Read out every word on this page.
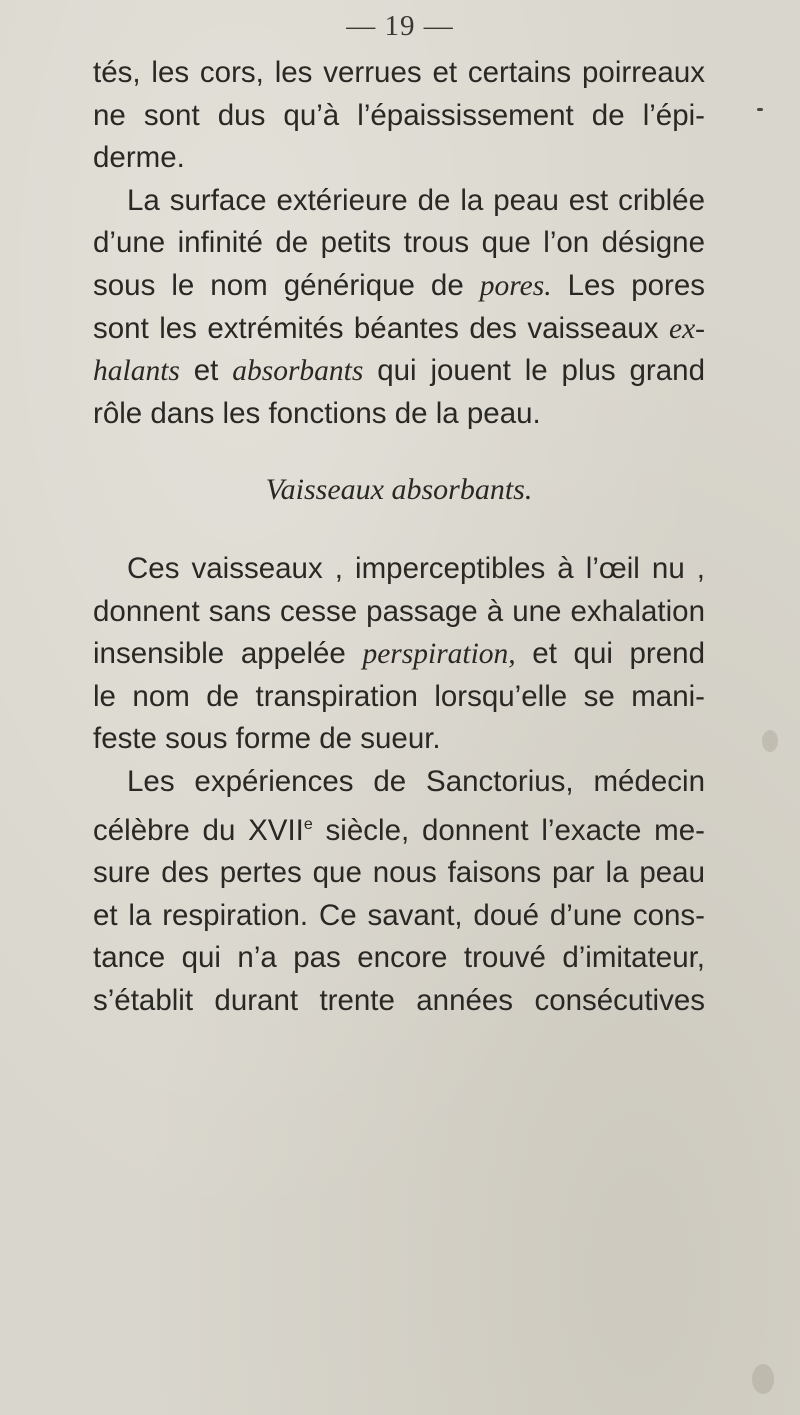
— 19 —

tés, les cors, les verrues et certains poirreaux
ne sont dus qu’à l’épaississement de l’épi-
derme.

La surface extérieure de la peau est criblée
d’une infinité de petits trous que l’on désigne
sous le nom générique de pores. Les pores
sont les extrémités béantes des vaisseaux ex-
halants et absorbants qui jouent le plus grand
rôle dans les fonctions de la peau.

Vaisseaux absorbants.

Ces vaisseaux , imperceptibles à l’œil nu ,
donnent sans cesse passage à une exhalation
insensible appelée perspiration, et qui prend
le nom de transpiration lorsqu’elle se mani-
feste sous forme de sueur.

Les expériences de Sanctorius, médecin
célèbre du XVIIe siècle, donnent l’exacte me-
sure des pertes que nous faisons par la peau
et la respiration. Ce savant, doué d’une cons-
tance qui n’a pas encore trouvé d’imitateur,
s’établit durant trente années consécutives
